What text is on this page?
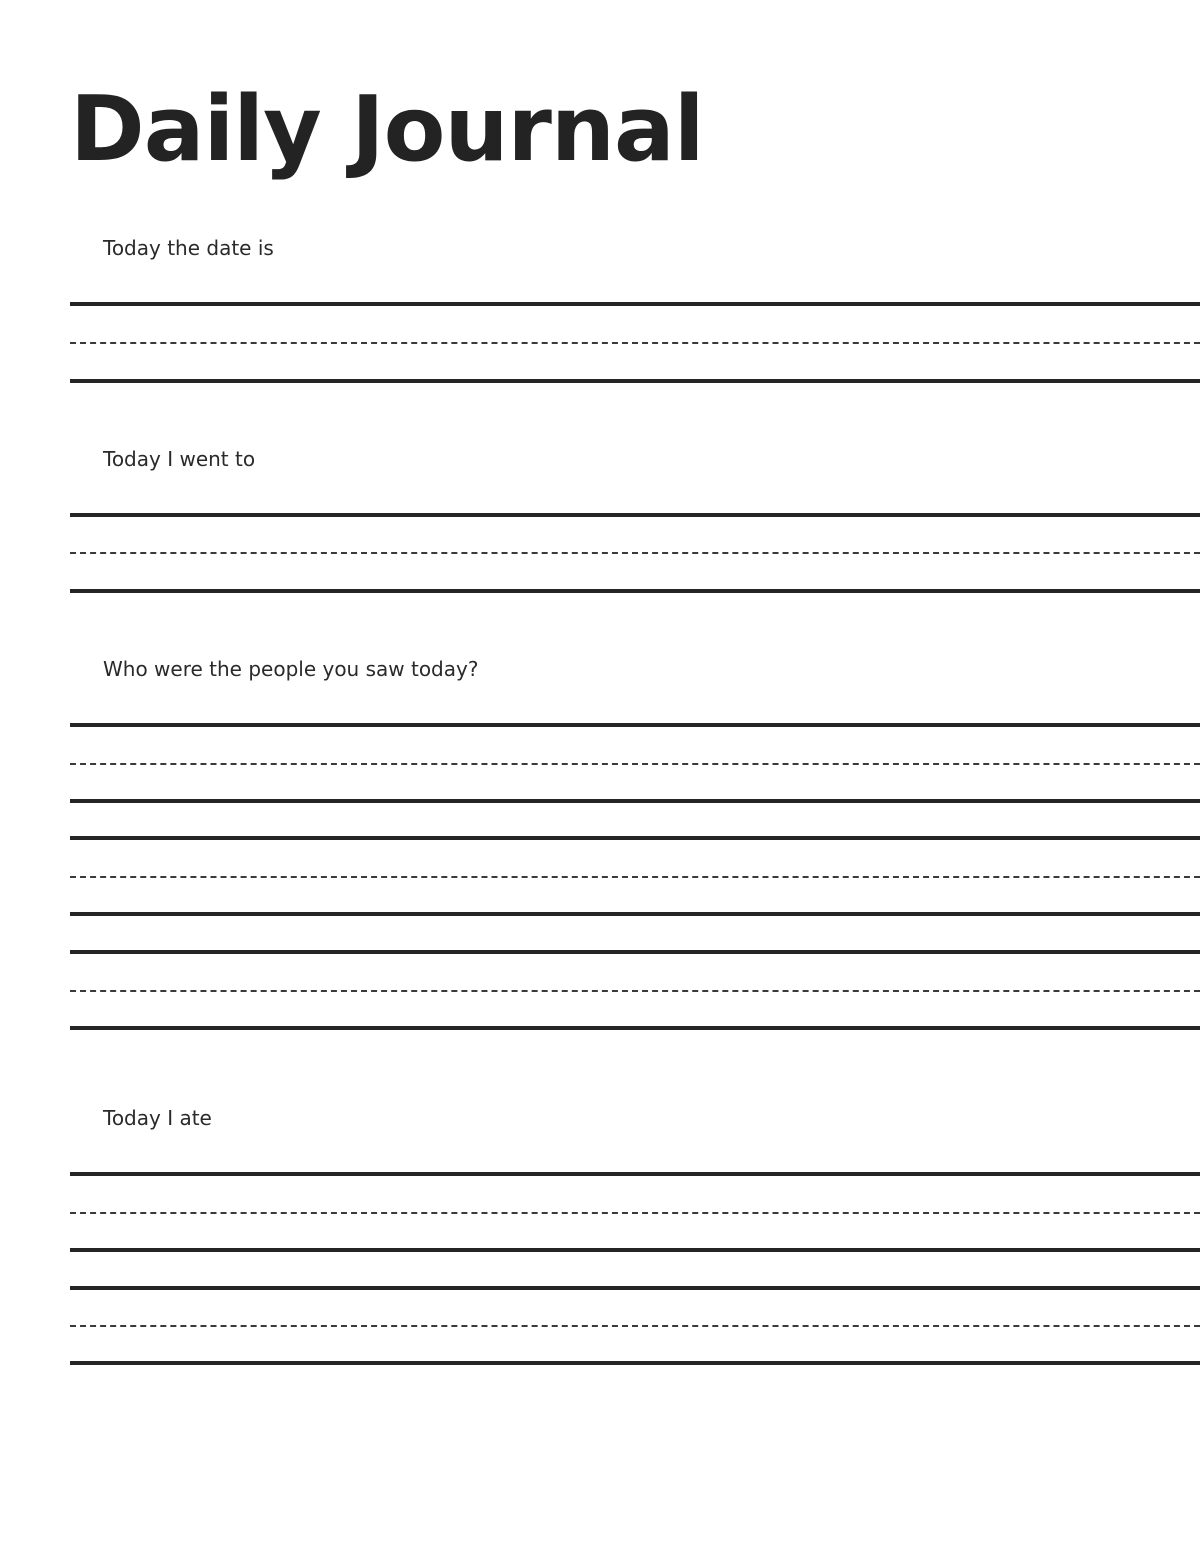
Daily Journal

Today the date is

Today I went to

Who were the people you saw today?

Today I ate
